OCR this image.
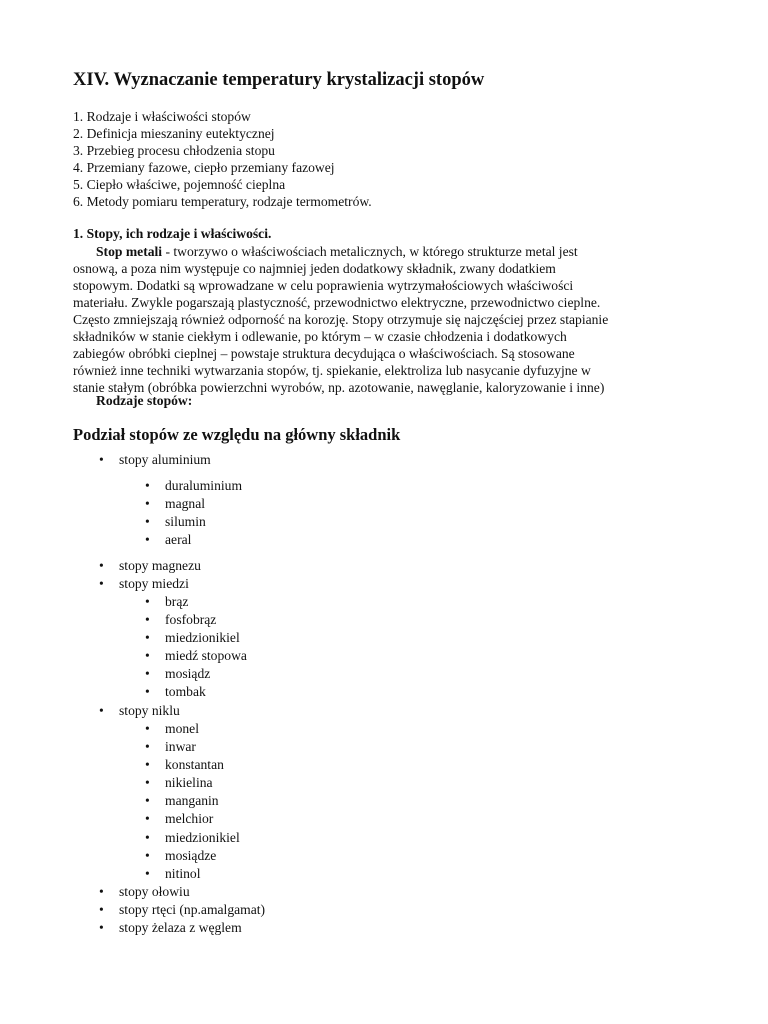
XIV. Wyznaczanie temperatury krystalizacji stopów
1. Rodzaje i właściwości stopów
2. Definicja mieszaniny eutektycznej
3. Przebieg procesu chłodzenia stopu
4. Przemiany fazowe, ciepło przemiany fazowej
5. Ciepło właściwe, pojemność cieplna
6. Metody pomiaru temperatury, rodzaje termometrów.

1. Stopy, ich rodzaje i właściwości.

Stop metali - tworzywo o właściwościach metalicznych, w którego strukturze metal jest
osnową, a poza nim występuje co najmniej jeden dodatkowy składnik, zwany dodatkiem
stopowym. Dodatki są wprowadzane w celu poprawienia wytrzymałościowych właściwości
materiału. Zwykle pogarszają plastyczność, przewodnictwo elektryczne, przewodnictwo cieplne.
Często zmniejszają również odporność na korozję. Stopy otrzymuje się najczęściej przez stapianie
składników w stanie ciekłym i odlewanie, po którym – w czasie chłodzenia i dodatkowych
zabiegów obróbki cieplnej – powstaje struktura decydująca o właściwościach. Są stosowane
również inne techniki wytwarzania stopów, tj. spiekanie, elektroliza lub nasycanie dyfuzyjne w
stanie stałym (obróbka powierzchni wyrobów, np. azotowanie, nawęglanie, kaloryzowanie i inne)

Rodzaje stopów:

Podział stopów ze względu na główny składnik
• stopy aluminium
• duraluminium
• magnal
• silumin
• aeral
• stopy magnezu
• stopy miedzi
• brąz
• fosfobrąz
• miedzionikiel
• miedź stopowa
• mosiądz
• tombak
• stopy niklu
• monel
• inwar
• konstantan
• nikielina
• manganin
• melchior
• miedzionikiel
• mosiądze
• nitinol
• stopy ołowiu
• stopy rtęci (np.amalgamat)
• stopy żelaza z węglem
